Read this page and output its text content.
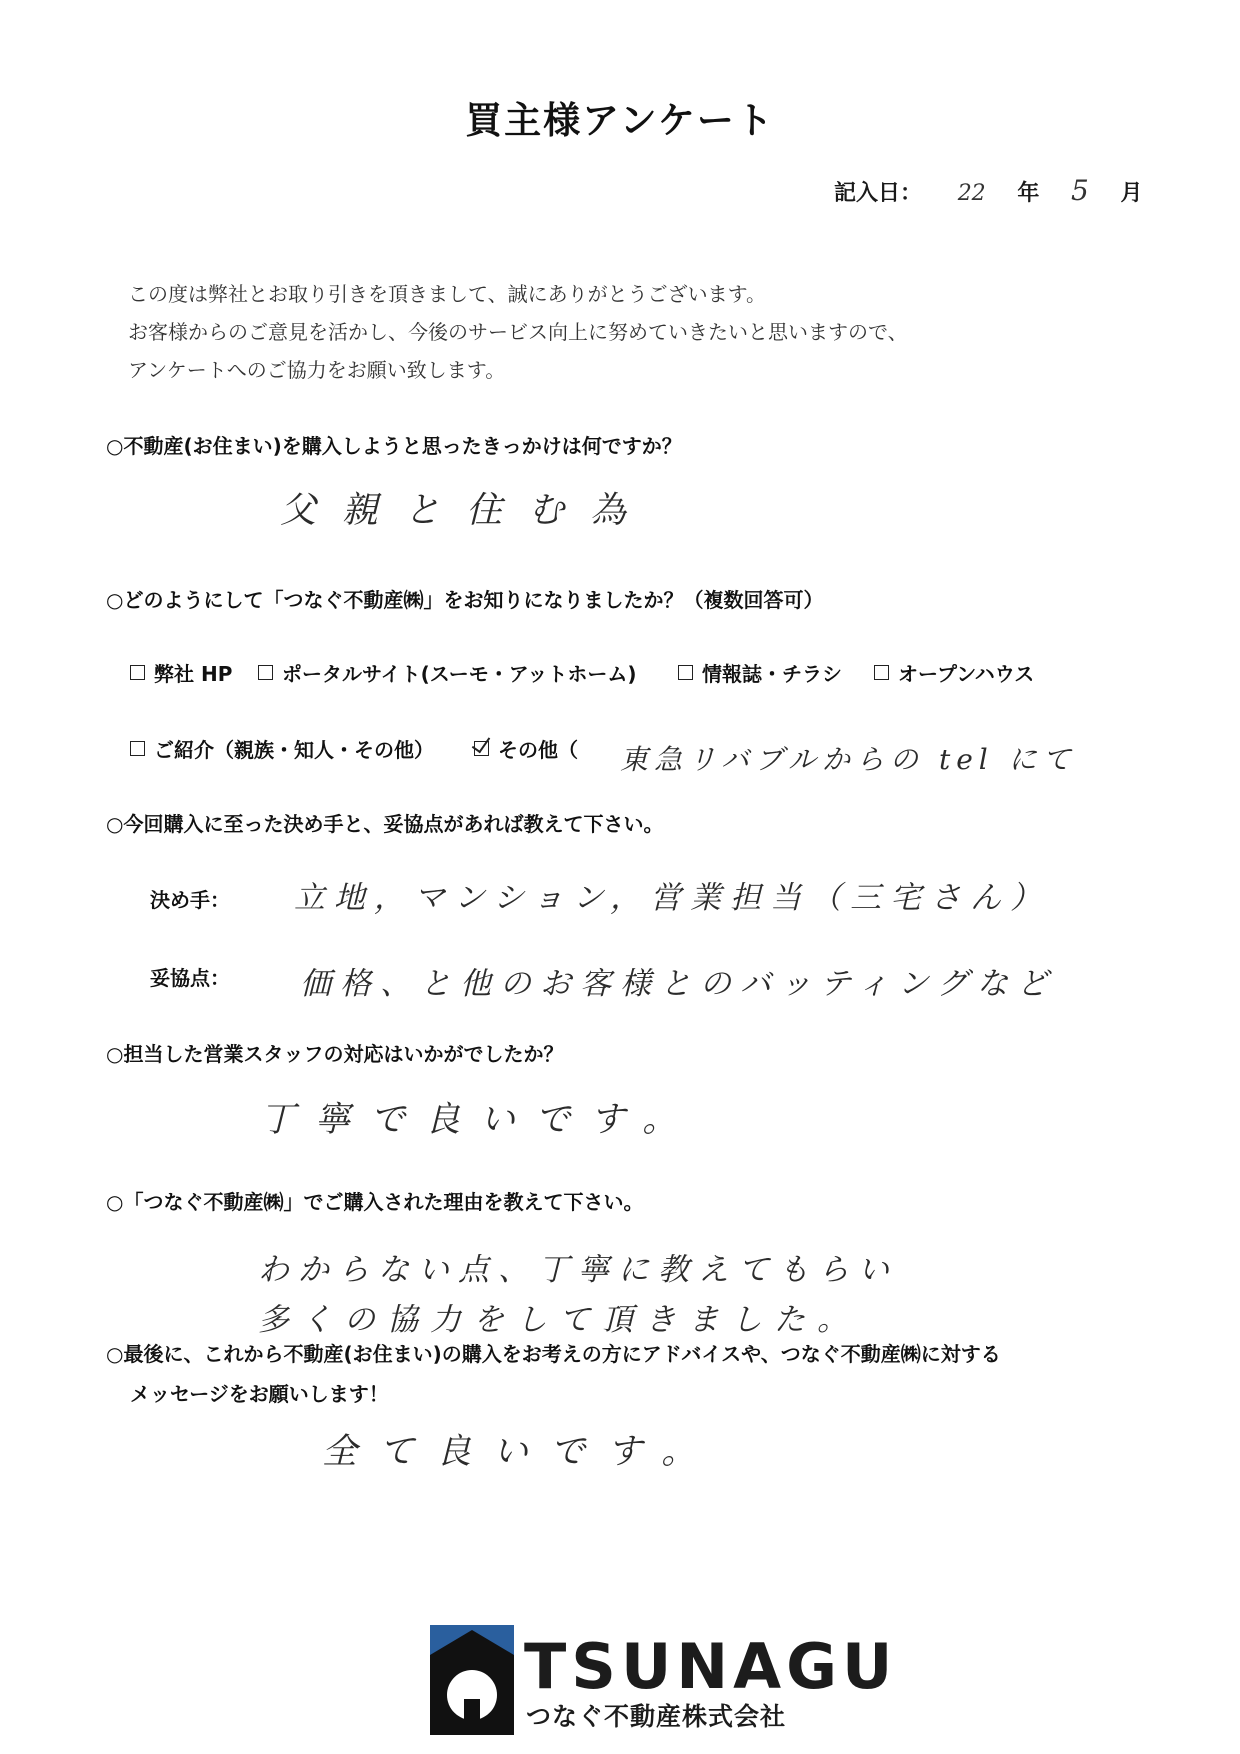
買主様アンケート
記入日： 22 年 5 月
この度は弊社とお取り引きを頂きまして、誠にありがとうございます。
お客様からのご意見を活かし、今後のサービス向上に努めていきたいと思いますので、
アンケートへのご協力をお願い致します。
○不動産(お住まい)を購入しようと思ったきっかけは何ですか？
父親と住む為
○どのようにして「つなぐ不動産㈱」をお知りになりましたか？（複数回答可）
弊社 HP ポータルサイト(スーモ・アットホーム)	情報誌・チラシ	オープンハウス
ご紹介（親族・知人・その他）	その他（ 東急リバブルからの tel にて
○今回購入に至った決め手と、妥協点があれば教えて下さい。
決め手： 立地，マンション，営業担当（三宅さん）
妥協点： 価格、と他のお客様とのバッティングなど
○担当した営業スタッフの対応はいかがでしたか？
丁寧で良いです。
○「つなぐ不動産㈱」でご購入された理由を教えて下さい。
わからない点、丁寧に教えてもらい
多くの協力をして頂きました。
○最後に、これから不動産(お住まい)の購入をお考えの方にアドバイスや、つなぐ不動産㈱に対する
メッセージをお願いします！
全て良いです。
TSUNAGU
つなぐ不動産株式会社
